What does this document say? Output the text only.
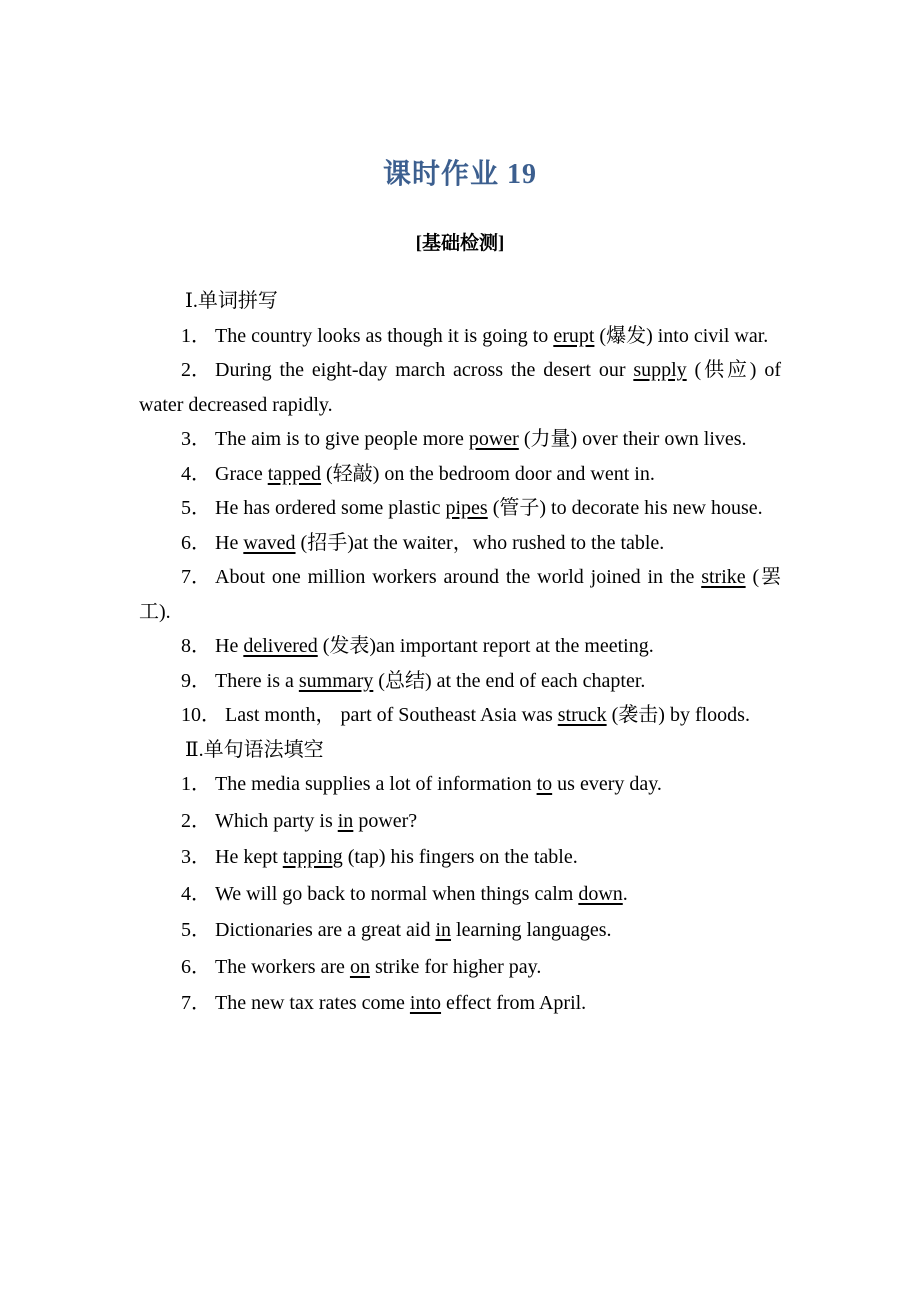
课时作业 19
[基础检测]

Ⅰ.单词拼写

1． The country looks as though it is going to erupt (爆发) into civil war.

2． During the eight-day march across the desert our supply (供应) of water decreased rapidly.

3． The aim is to give people more power (力量) over their own lives.

4． Grace tapped (轻敲) on the bedroom door and went in.

5． He has ordered some plastic pipes (管子) to decorate his new house.

6． He waved (招手)at the waiter，who rushed to the table.

7． About one million workers around the world joined in the strike (罢工).

8． He delivered (发表)an important report at the meeting.

9． There is a summary (总结) at the end of each chapter.

10． Last month， part of Southeast Asia was struck (袭击) by floods.

Ⅱ.单句语法填空

1． The media supplies a lot of information to us every day.

2． Which party is in power?

3． He kept tapping (tap) his fingers on the table.

4． We will go back to normal when things calm down.

5． Dictionaries are a great aid in learning languages.

6． The workers are on strike for higher pay.

7． The new tax rates come into effect from April.
